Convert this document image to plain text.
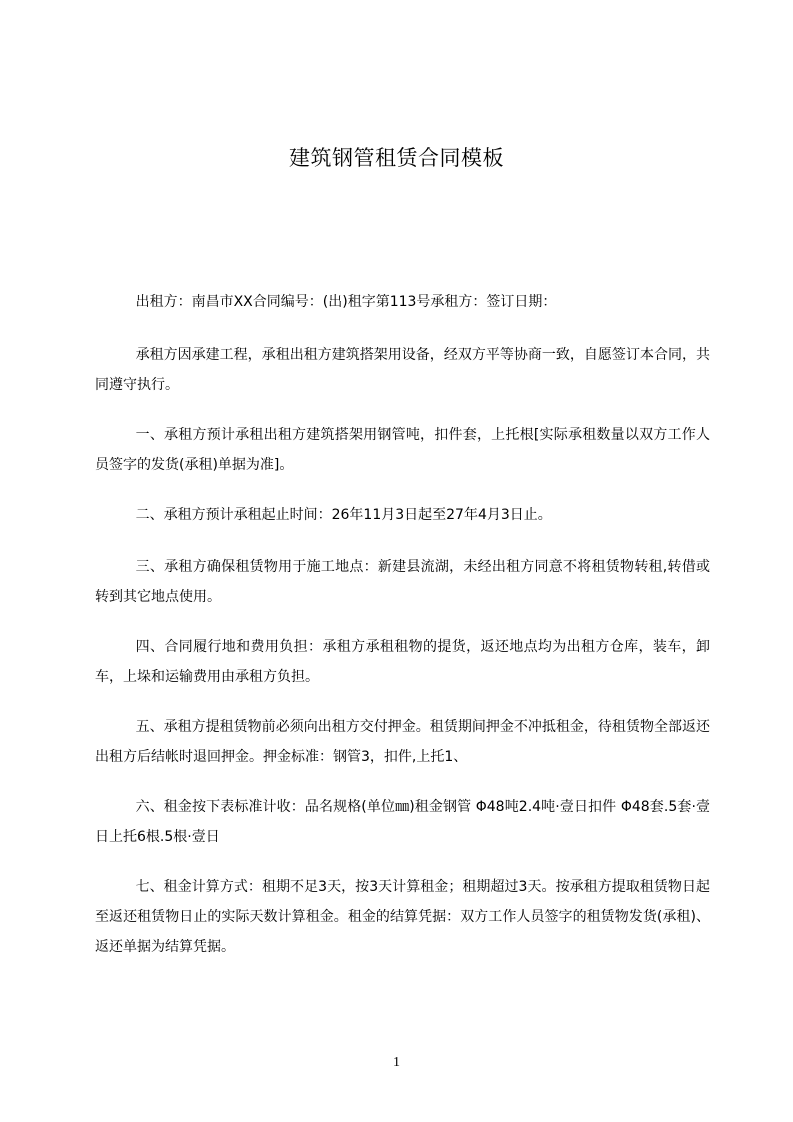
建筑钢管租赁合同模板

出租方：南昌市XX合同编号：(出)租字第113号承租方：签订日期：

承租方因承建工程，承租出租方建筑搭架用设备，经双方平等协商一致，自愿签订本合同，共同遵守执行。

一、承租方预计承租出租方建筑搭架用钢管吨，扣件套，上托根[实际承租数量以双方工作人员签字的发货(承租)单据为准]。

二、承租方预计承租起止时间：26年11月3日起至27年4月3日止。

三、承租方确保租赁物用于施工地点：新建县流湖，未经出租方同意不将租赁物转租,转借或转到其它地点使用。

四、合同履行地和费用负担：承租方承租租物的提货，返还地点均为出租方仓库，装车，卸车，上垛和运输费用由承租方负担。

五、承租方提租赁物前必须向出租方交付押金。租赁期间押金不冲抵租金，待租赁物全部返还出租方后结帐时退回押金。押金标准：钢管3，扣件,上托1、

六、租金按下表标准计收：品名规格(单位㎜)租金钢管 Φ48吨2.4吨·壹日扣件 Φ48套.5套·壹日上托6根.5根·壹日

七、租金计算方式：租期不足3天，按3天计算租金；租期超过3天。按承租方提取租赁物日起至返还租赁物日止的实际天数计算租金。租金的结算凭据：双方工作人员签字的租赁物发货(承租)、返还单据为结算凭据。

1
